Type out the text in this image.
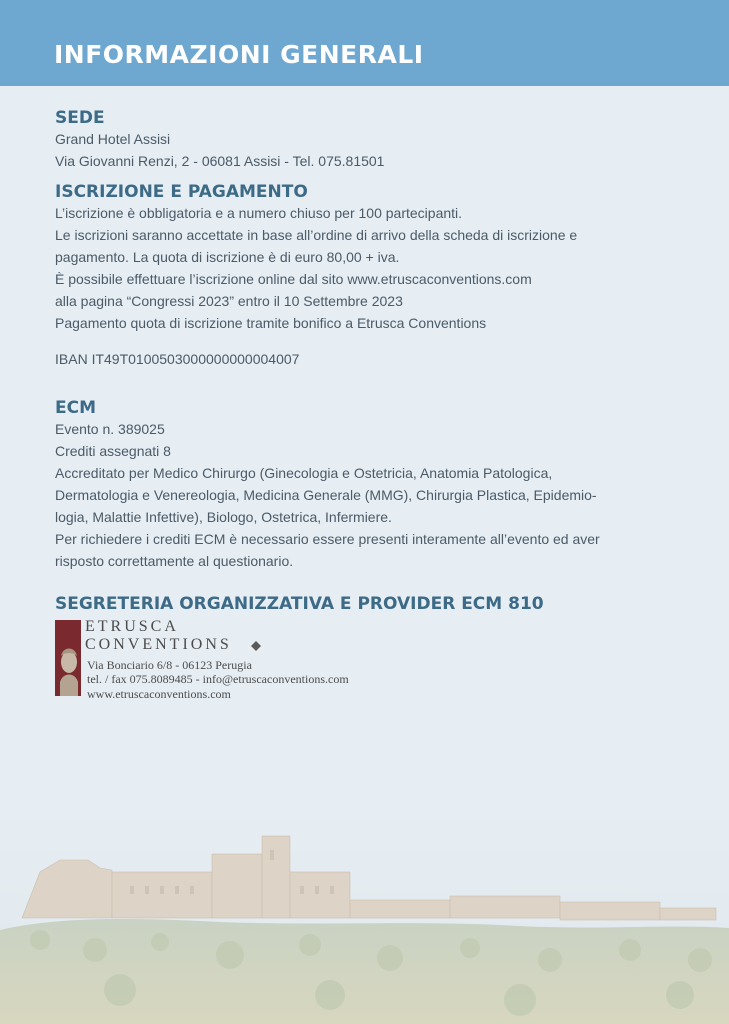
INFORMAZIONI GENERALI

SEDE

Grand Hotel Assisi

Via Giovanni Renzi, 2 - 06081 Assisi - Tel. 075.81501

ISCRIZIONE E PAGAMENTO

L’iscrizione è obbligatoria e a numero chiuso per 100 partecipanti.

Le iscrizioni saranno accettate in base all’ordine di arrivo della scheda di iscrizione e

pagamento. La quota di iscrizione è di euro 80,00 + iva.

È possibile effettuare l’iscrizione online dal sito www.etruscaconventions.com

alla pagina “Congressi 2023” entro il 10 Settembre 2023

Pagamento quota di iscrizione tramite bonifico a Etrusca Conventions

IBAN IT49T0100503000000000004007

ECM

Evento n. 389025

Crediti assegnati 8

Accreditato per Medico Chirurgo (Ginecologia e Ostetricia, Anatomia Patologica,

Dermatologia e Venereologia, Medicina Generale (MMG), Chirurgia Plastica, Epidemio-

logia, Malattie Infettive), Biologo, Ostetrica, Infermiere.

Per richiedere i crediti ECM è necessario essere presenti interamente all’evento ed aver

risposto correttamente al questionario.

SEGRETERIA ORGANIZZATIVA E PROVIDER ECM 810

ETRUSCA
CONVENTIONS
Via Bonciario 6/8 - 06123 Perugia
tel. / fax 075.8089485 - info@etruscaconventions.com
www.etruscaconventions.com
